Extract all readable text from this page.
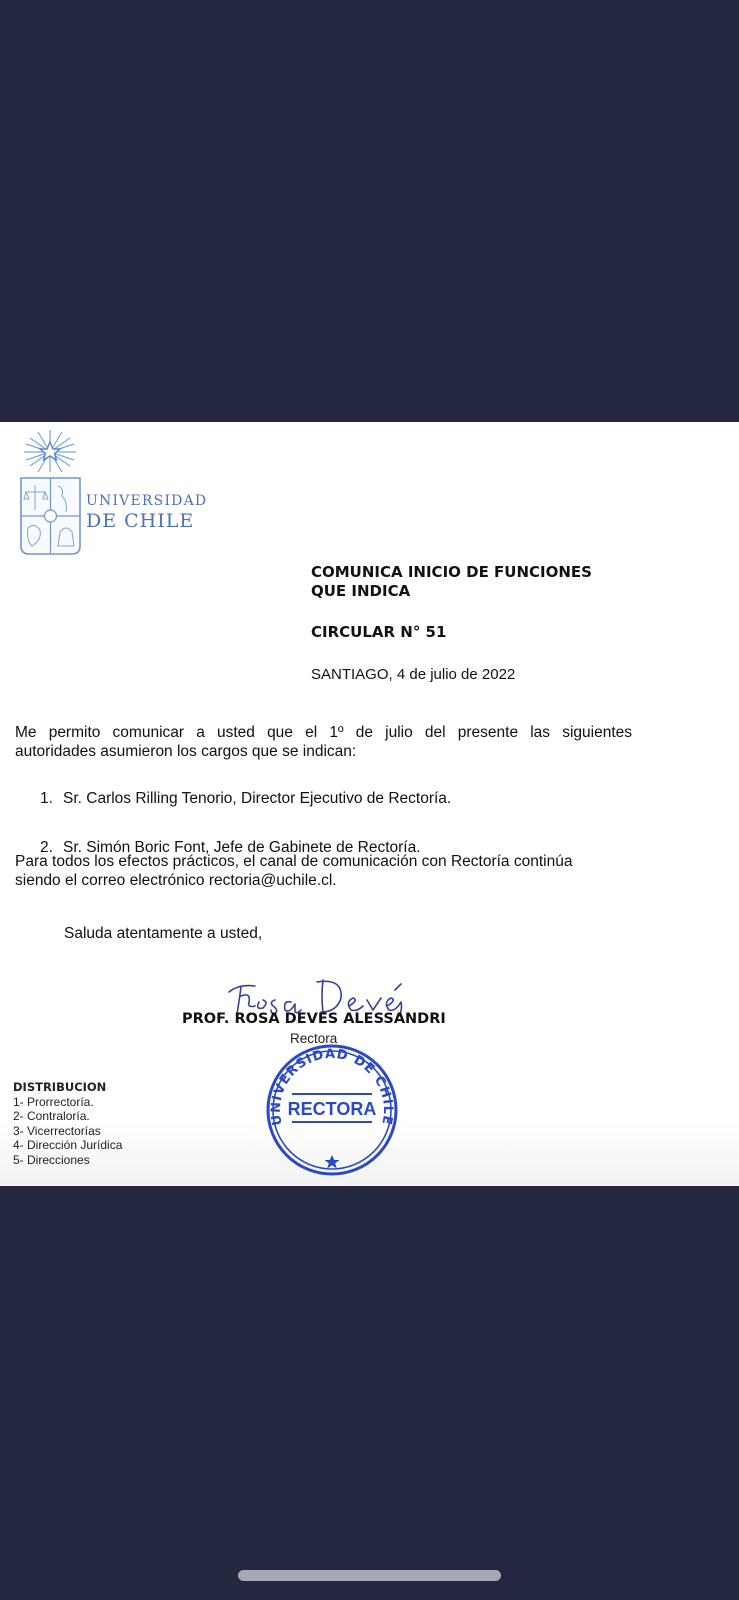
UNIVERSIDAD
DE CHILE
COMUNICA INICIO DE FUNCIONES
QUE INDICA
CIRCULAR N° 51
SANTIAGO, 4 de julio de 2022
Me permito comunicar a usted que el 1º de julio del presente las siguientes
autoridades asumieron los cargos que se indican:
1. Sr. Carlos Rilling Tenorio, Director Ejecutivo de Rectoría.
2. Sr. Simón Boric Font, Jefe de Gabinete de Rectoría.
Para todos los efectos prácticos, el canal de comunicación con Rectoría continúa
siendo el correo electrónico rectoria@uchile.cl.
Saluda atentamente a usted,
PROF. ROSA DEVES ALESSANDRI
Rectora
UNIVERSIDAD DE CHILE
RECTORA
DISTRIBUCION
1- Prorrectoría.
2- Contraloría.
3- Vicerrectorías
4- Dirección Jurídica
5- Direcciones
